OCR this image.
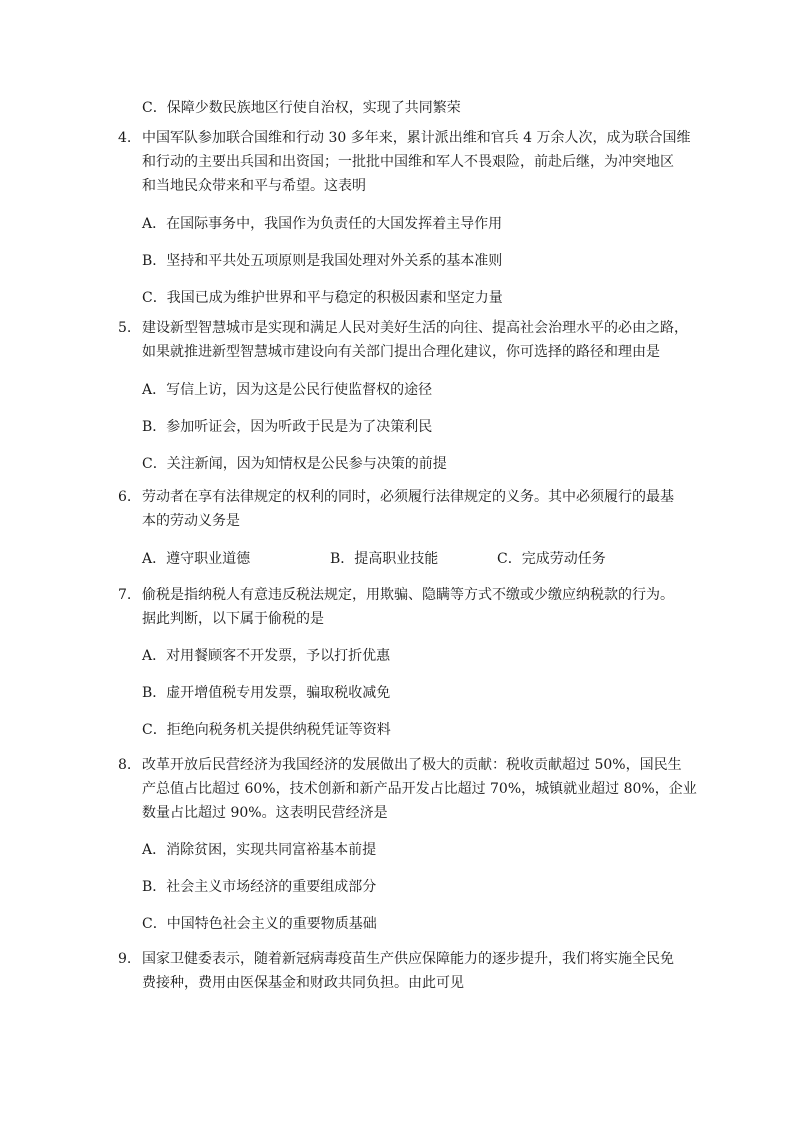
C．保障少数民族地区行使自治权，实现了共同繁荣
4. 中国军队参加联合国维和行动 30 多年来，累计派出维和官兵 4 万余人次，成为联合国维
和行动的主要出兵国和出资国；一批批中国维和军人不畏艰险，前赴后继，为冲突地区
和当地民众带来和平与希望。这表明
A．在国际事务中，我国作为负责任的大国发挥着主导作用
B．坚持和平共处五项原则是我国处理对外关系的基本准则
C．我国已成为维护世界和平与稳定的积极因素和坚定力量
5. 建设新型智慧城市是实现和满足人民对美好生活的向往、提高社会治理水平的必由之路，
如果就推进新型智慧城市建设向有关部门提出合理化建议，你可选择的路径和理由是
A．写信上访，因为这是公民行使监督权的途径
B．参加听证会，因为听政于民是为了决策利民
C．关注新闻，因为知情权是公民参与决策的前提
6. 劳动者在享有法律规定的权利的同时，必须履行法律规定的义务。其中必须履行的最基
本的劳动义务是
A．遵守职业道德	B．提高职业技能	C．完成劳动任务
7. 偷税是指纳税人有意违反税法规定，用欺骗、隐瞒等方式不缴或少缴应纳税款的行为。
据此判断，以下属于偷税的是
A．对用餐顾客不开发票，予以打折优惠
B．虚开增值税专用发票，骗取税收减免
C．拒绝向税务机关提供纳税凭证等资料
8. 改革开放后民营经济为我国经济的发展做出了极大的贡献：税收贡献超过 50%，国民生
产总值占比超过 60%，技术创新和新产品开发占比超过 70%，城镇就业超过 80%，企业
数量占比超过 90%。这表明民营经济是
A．消除贫困，实现共同富裕基本前提
B．社会主义市场经济的重要组成部分
C．中国特色社会主义的重要物质基础
9. 国家卫健委表示，随着新冠病毒疫苗生产供应保障能力的逐步提升，我们将实施全民免
费接种，费用由医保基金和财政共同负担。由此可见
